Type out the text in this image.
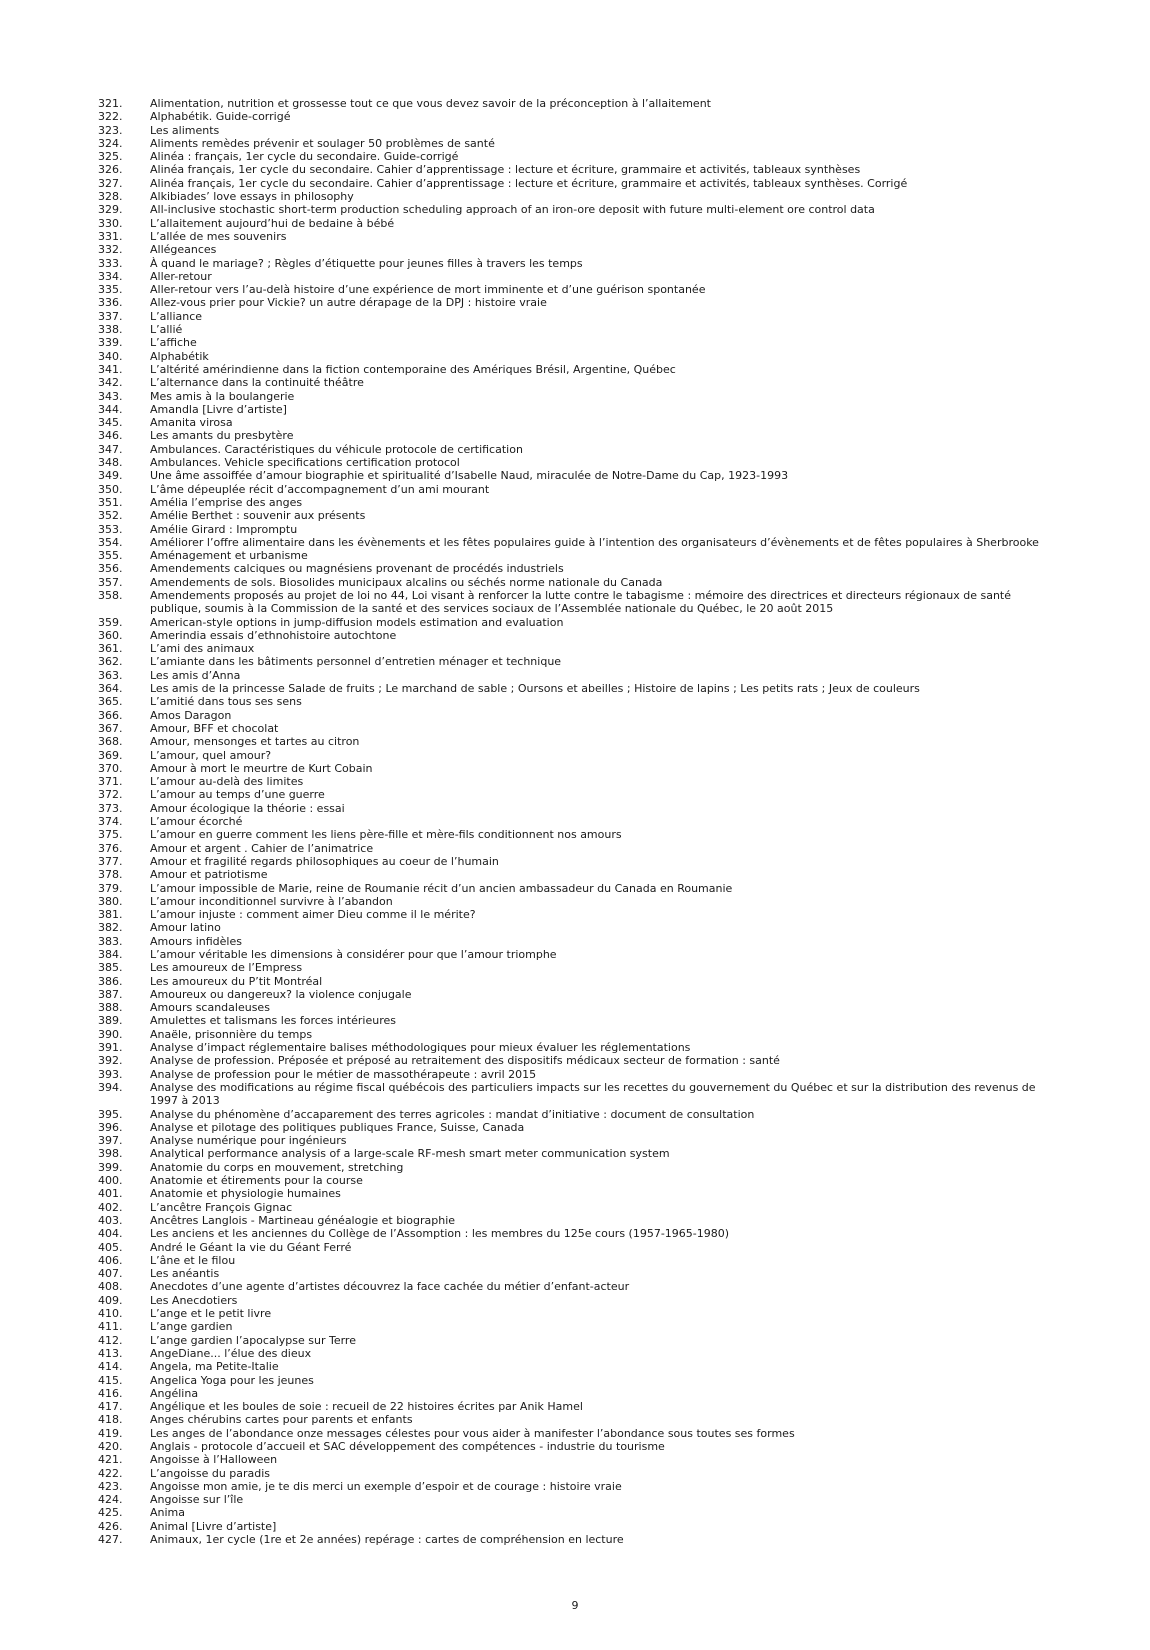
321.	Alimentation, nutrition et grossesse tout ce que vous devez savoir de la préconception à l’allaitement
322.	Alphabétik. Guide-corrigé
323.	Les aliments
324.	Aliments remèdes prévenir et soulager 50 problèmes de santé
325.	Alinéa : français, 1er cycle du secondaire. Guide-corrigé
326.	Alinéa français, 1er cycle du secondaire. Cahier d’apprentissage : lecture et écriture, grammaire et activités, tableaux synthèses
327.	Alinéa français, 1er cycle du secondaire. Cahier d’apprentissage : lecture et écriture, grammaire et activités, tableaux synthèses. Corrigé
328.	Alkibiades’ love essays in philosophy
329.	All-inclusive stochastic short-term production scheduling approach of an iron-ore deposit with future multi-element ore control data
330.	L’allaitement aujourd’hui de bedaine à bébé
331.	L’allée de mes souvenirs
332.	Allégeances
333.	À quand le mariage? ; Règles d’étiquette pour jeunes filles à travers les temps
334.	Aller-retour
335.	Aller-retour vers l’au-delà histoire d’une expérience de mort imminente et d’une guérison spontanée
336.	Allez-vous prier pour Vickie? un autre dérapage de la DPJ : histoire vraie
337.	L’alliance
338.	L’allié
339.	L’affiche
340.	Alphabétik
341.	L’altérité amérindienne dans la fiction contemporaine des Amériques Brésil, Argentine, Québec
342.	L’alternance dans la continuité théâtre
343.	Mes amis à la boulangerie
344.	Amandla [Livre d’artiste]
345.	Amanita virosa
346.	Les amants du presbytère
347.	Ambulances. Caractéristiques du véhicule protocole de certification
348.	Ambulances. Vehicle specifications certification protocol
349.	Une âme assoiffée d’amour biographie et spiritualité d’Isabelle Naud, miraculée de Notre-Dame du Cap, 1923-1993
350.	L’âme dépeuplée récit d’accompagnement d’un ami mourant
351.	Amélia l’emprise des anges
352.	Amélie Berthet : souvenir aux présents
353.	Amélie Girard : Impromptu
354.	Améliorer l’offre alimentaire dans les évènements et les fêtes populaires guide à l’intention des organisateurs d’évènements et de fêtes populaires à Sherbrooke
355.	Aménagement et urbanisme
356.	Amendements calciques ou magnésiens provenant de procédés industriels
357.	Amendements de sols. Biosolides municipaux alcalins ou séchés norme nationale du Canada
358.	Amendements proposés au projet de loi no 44, Loi visant à renforcer la lutte contre le tabagisme : mémoire des directrices et directeurs régionaux de santé publique, soumis à la Commission de la santé et des services sociaux de l’Assemblée nationale du Québec, le 20 août 2015
359.	American-style options in jump-diffusion models estimation and evaluation
360.	Amerindia essais d’ethnohistoire autochtone
361.	L’ami des animaux
362.	L’amiante dans les bâtiments personnel d’entretien ménager et technique
363.	Les amis d’Anna
364.	Les amis de la princesse Salade de fruits ; Le marchand de sable ; Oursons et abeilles ; Histoire de lapins ; Les petits rats ; Jeux de couleurs
365.	L’amitié dans tous ses sens
366.	Amos Daragon
367.	Amour, BFF et chocolat
368.	Amour, mensonges et tartes au citron
369.	L’amour, quel amour?
370.	Amour à mort le meurtre de Kurt Cobain
371.	L’amour au-delà des limites
372.	L’amour au temps d’une guerre
373.	Amour écologique la théorie : essai
374.	L’amour écorché
375.	L’amour en guerre comment les liens père-fille et mère-fils conditionnent nos amours
376.	Amour et argent . Cahier de l’animatrice
377.	Amour et fragilité regards philosophiques au coeur de l’humain
378.	Amour et patriotisme
379.	L’amour impossible de Marie, reine de Roumanie récit d’un ancien ambassadeur du Canada en Roumanie
380.	L’amour inconditionnel survivre à l’abandon
381.	L’amour injuste : comment aimer Dieu comme il le mérite?
382.	Amour latino
383.	Amours infidèles
384.	L’amour véritable les dimensions à considérer pour que l’amour triomphe
385.	Les amoureux de l’Empress
386.	Les amoureux du P’tit Montréal
387.	Amoureux ou dangereux? la violence conjugale
388.	Amours scandaleuses
389.	Amulettes et talismans les forces intérieures
390.	Anaële, prisonnière du temps
391.	Analyse d’impact réglementaire balises méthodologiques pour mieux évaluer les réglementations
392.	Analyse de profession. Préposée et préposé au retraitement des dispositifs médicaux secteur de formation : santé
393.	Analyse de profession pour le métier de massothérapeute : avril 2015
394.	Analyse des modifications au régime fiscal québécois des particuliers impacts sur les recettes du gouvernement du Québec et sur la distribution des revenus de 1997 à 2013
395.	Analyse du phénomène d’accaparement des terres agricoles : mandat d’initiative : document de consultation
396.	Analyse et pilotage des politiques publiques France, Suisse, Canada
397.	Analyse numérique pour ingénieurs
398.	Analytical performance analysis of a large-scale RF-mesh smart meter communication system
399.	Anatomie du corps en mouvement, stretching
400.	Anatomie et étirements pour la course
401.	Anatomie et physiologie humaines
402.	L’ancêtre François Gignac
403.	Ancêtres Langlois - Martineau généalogie et biographie
404.	Les anciens et les anciennes du Collège de l’Assomption : les membres du 125e cours (1957-1965-1980)
405.	André le Géant la vie du Géant Ferré
406.	L’âne et le filou
407.	Les anéantis
408.	Anecdotes d’une agente d’artistes découvrez la face cachée du métier d’enfant-acteur
409.	Les Anecdotiers
410.	L’ange et le petit livre
411.	L’ange gardien
412.	L’ange gardien l’apocalypse sur Terre
413.	AngeDiane... l’élue des dieux
414.	Angela, ma Petite-Italie
415.	Angelica Yoga pour les jeunes
416.	Angélina
417.	Angélique et les boules de soie : recueil de 22 histoires écrites par Anik Hamel
418.	Anges chérubins cartes pour parents et enfants
419.	Les anges de l’abondance onze messages célestes pour vous aider à manifester l’abondance sous toutes ses formes
420.	Anglais - protocole d’accueil et SAC développement des compétences - industrie du tourisme
421.	Angoisse à l’Halloween
422.	L’angoisse du paradis
423.	Angoisse mon amie, je te dis merci un exemple d’espoir et de courage : histoire vraie
424.	Angoisse sur l’île
425.	Anima
426.	Animal [Livre d’artiste]
427.	Animaux, 1er cycle (1re et 2e années) repérage : cartes de compréhension en lecture
9
